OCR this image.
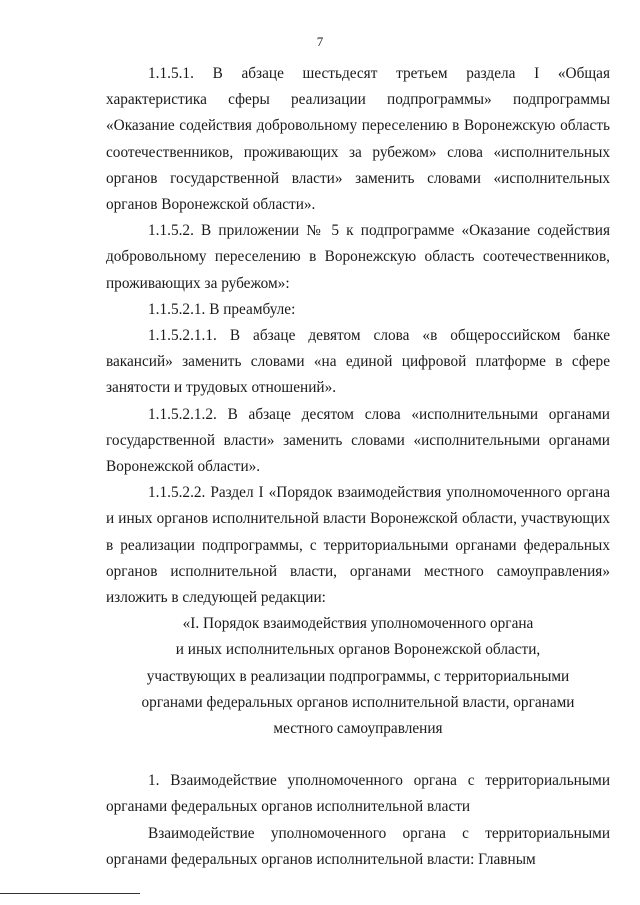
7

1.1.5.1. В абзаце шестьдесят третьем раздела I «Общая характеристика сферы реализации подпрограммы» подпрограммы «Оказание содействия добровольному переселению в Воронежскую область соотечественников, проживающих за рубежом» слова «исполнительных органов государственной власти» заменить словами «исполнительных органов Воронежской области».

1.1.5.2. В приложении № 5 к подпрограмме «Оказание содействия добровольному переселению в Воронежскую область соотечественников, проживающих за рубежом»:

1.1.5.2.1. В преамбуле:

1.1.5.2.1.1. В абзаце девятом слова «в общероссийском банке вакансий» заменить словами «на единой цифровой платформе в сфере занятости и трудовых отношений».

1.1.5.2.1.2. В абзаце десятом слова «исполнительными органами государственной власти» заменить словами «исполнительными органами Воронежской области».

1.1.5.2.2. Раздел I «Порядок взаимодействия уполномоченного органа и иных органов исполнительной власти Воронежской области, участвующих в реализации подпрограммы, с территориальными органами федеральных органов исполнительной власти, органами местного самоуправления» изложить в следующей редакции:

«I. Порядок взаимодействия уполномоченного органа
и иных исполнительных органов Воронежской области,
участвующих в реализации подпрограммы, с территориальными
органами федеральных органов исполнительной власти, органами
местного самоуправления

1. Взаимодействие уполномоченного органа с территориальными органами федеральных органов исполнительной власти

Взаимодействие уполномоченного органа с территориальными органами федеральных органов исполнительной власти: Главным
